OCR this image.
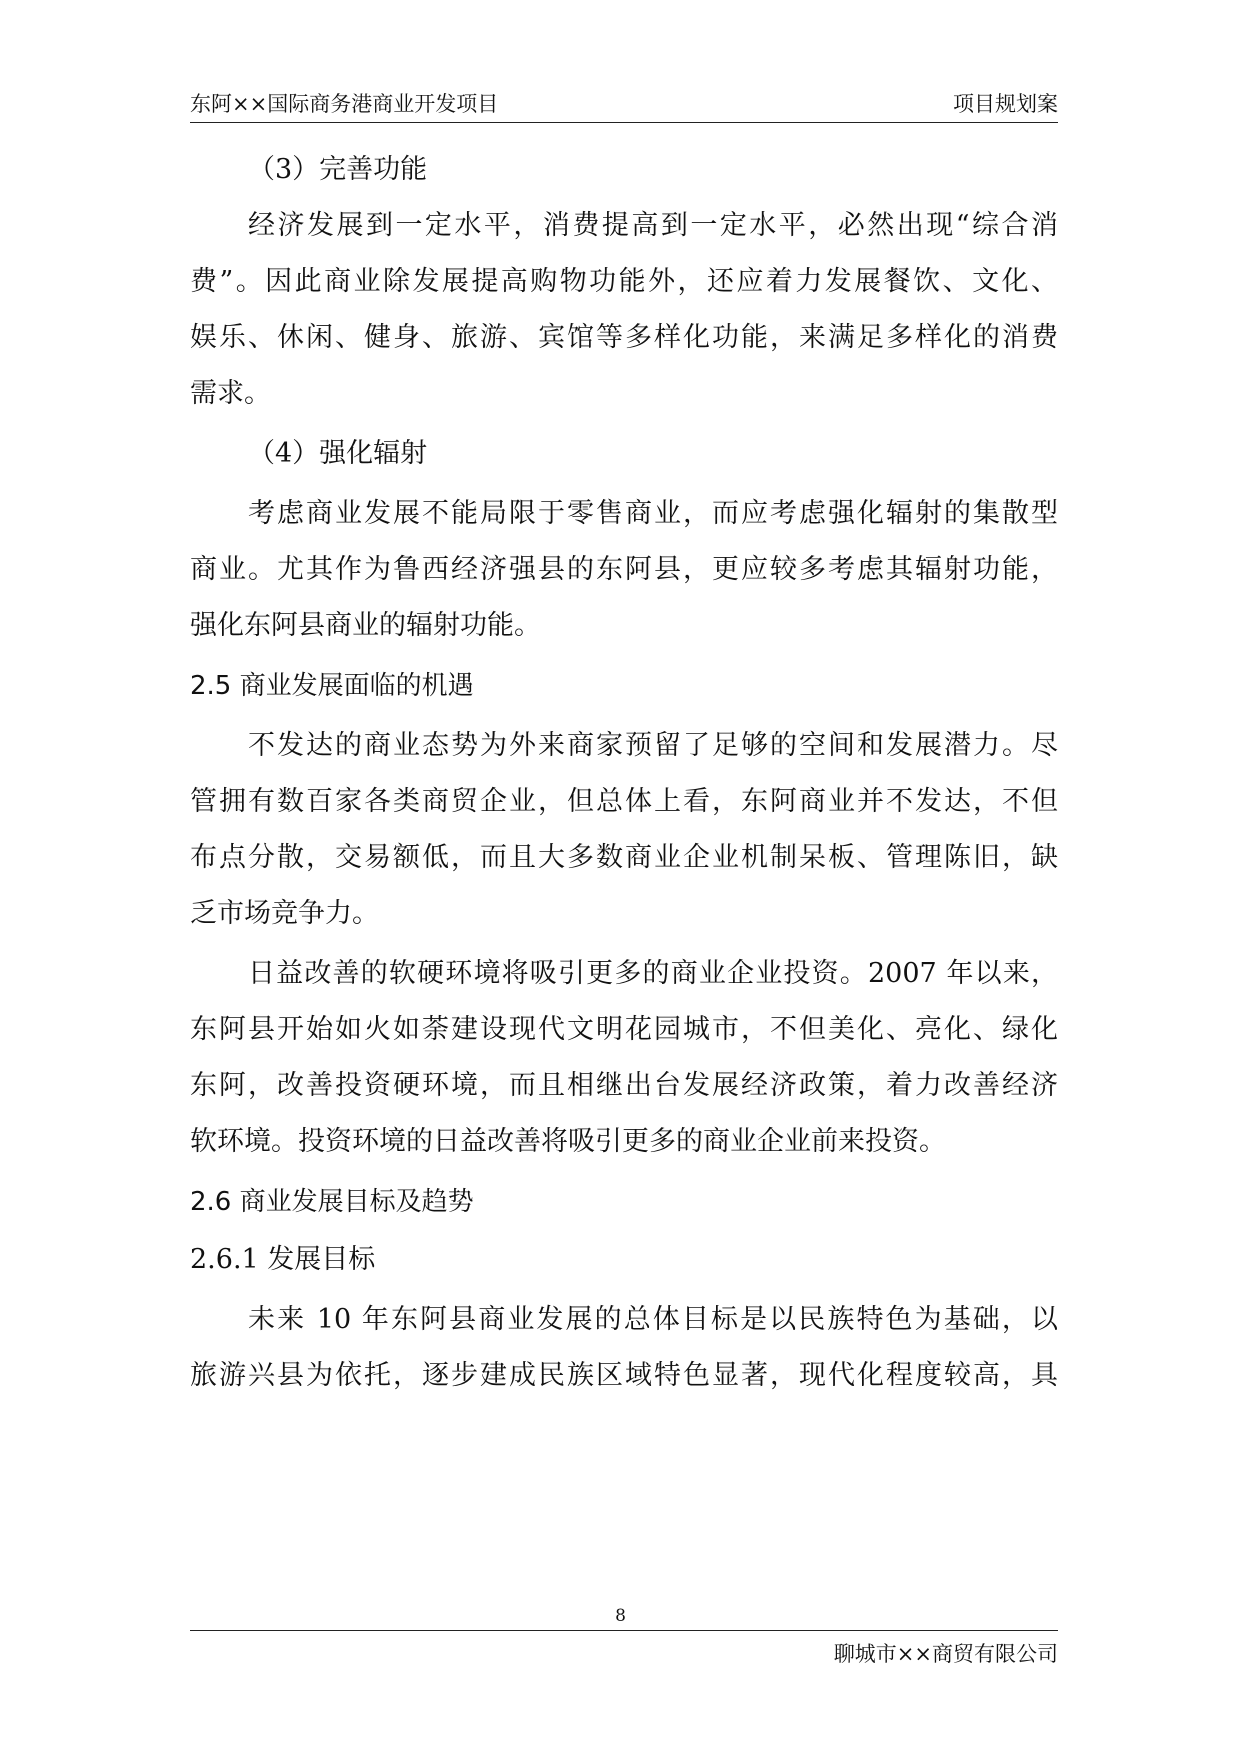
东阿××国际商务港商业开发项目	项目规划案
（3）完善功能
经济发展到一定水平，消费提高到一定水平，必然出现“综合消
费”。因此商业除发展提高购物功能外，还应着力发展餐饮、文化、
娱乐、休闲、健身、旅游、宾馆等多样化功能，来满足多样化的消费
需求。
（4）强化辐射
考虑商业发展不能局限于零售商业，而应考虑强化辐射的集散型
商业。尤其作为鲁西经济强县的东阿县，更应较多考虑其辐射功能，
强化东阿县商业的辐射功能。
2.5 商业发展面临的机遇
不发达的商业态势为外来商家预留了足够的空间和发展潜力。尽
管拥有数百家各类商贸企业，但总体上看，东阿商业并不发达，不但
布点分散，交易额低，而且大多数商业企业机制呆板、管理陈旧，缺
乏市场竞争力。
日益改善的软硬环境将吸引更多的商业企业投资。2007 年以来，
东阿县开始如火如荼建设现代文明花园城市，不但美化、亮化、绿化
东阿，改善投资硬环境，而且相继出台发展经济政策，着力改善经济
软环境。投资环境的日益改善将吸引更多的商业企业前来投资。
2.6 商业发展目标及趋势
2.6.1 发展目标
未来 10 年东阿县商业发展的总体目标是以民族特色为基础，以
旅游兴县为依托，逐步建成民族区域特色显著，现代化程度较高，具
8
聊城市××商贸有限公司
